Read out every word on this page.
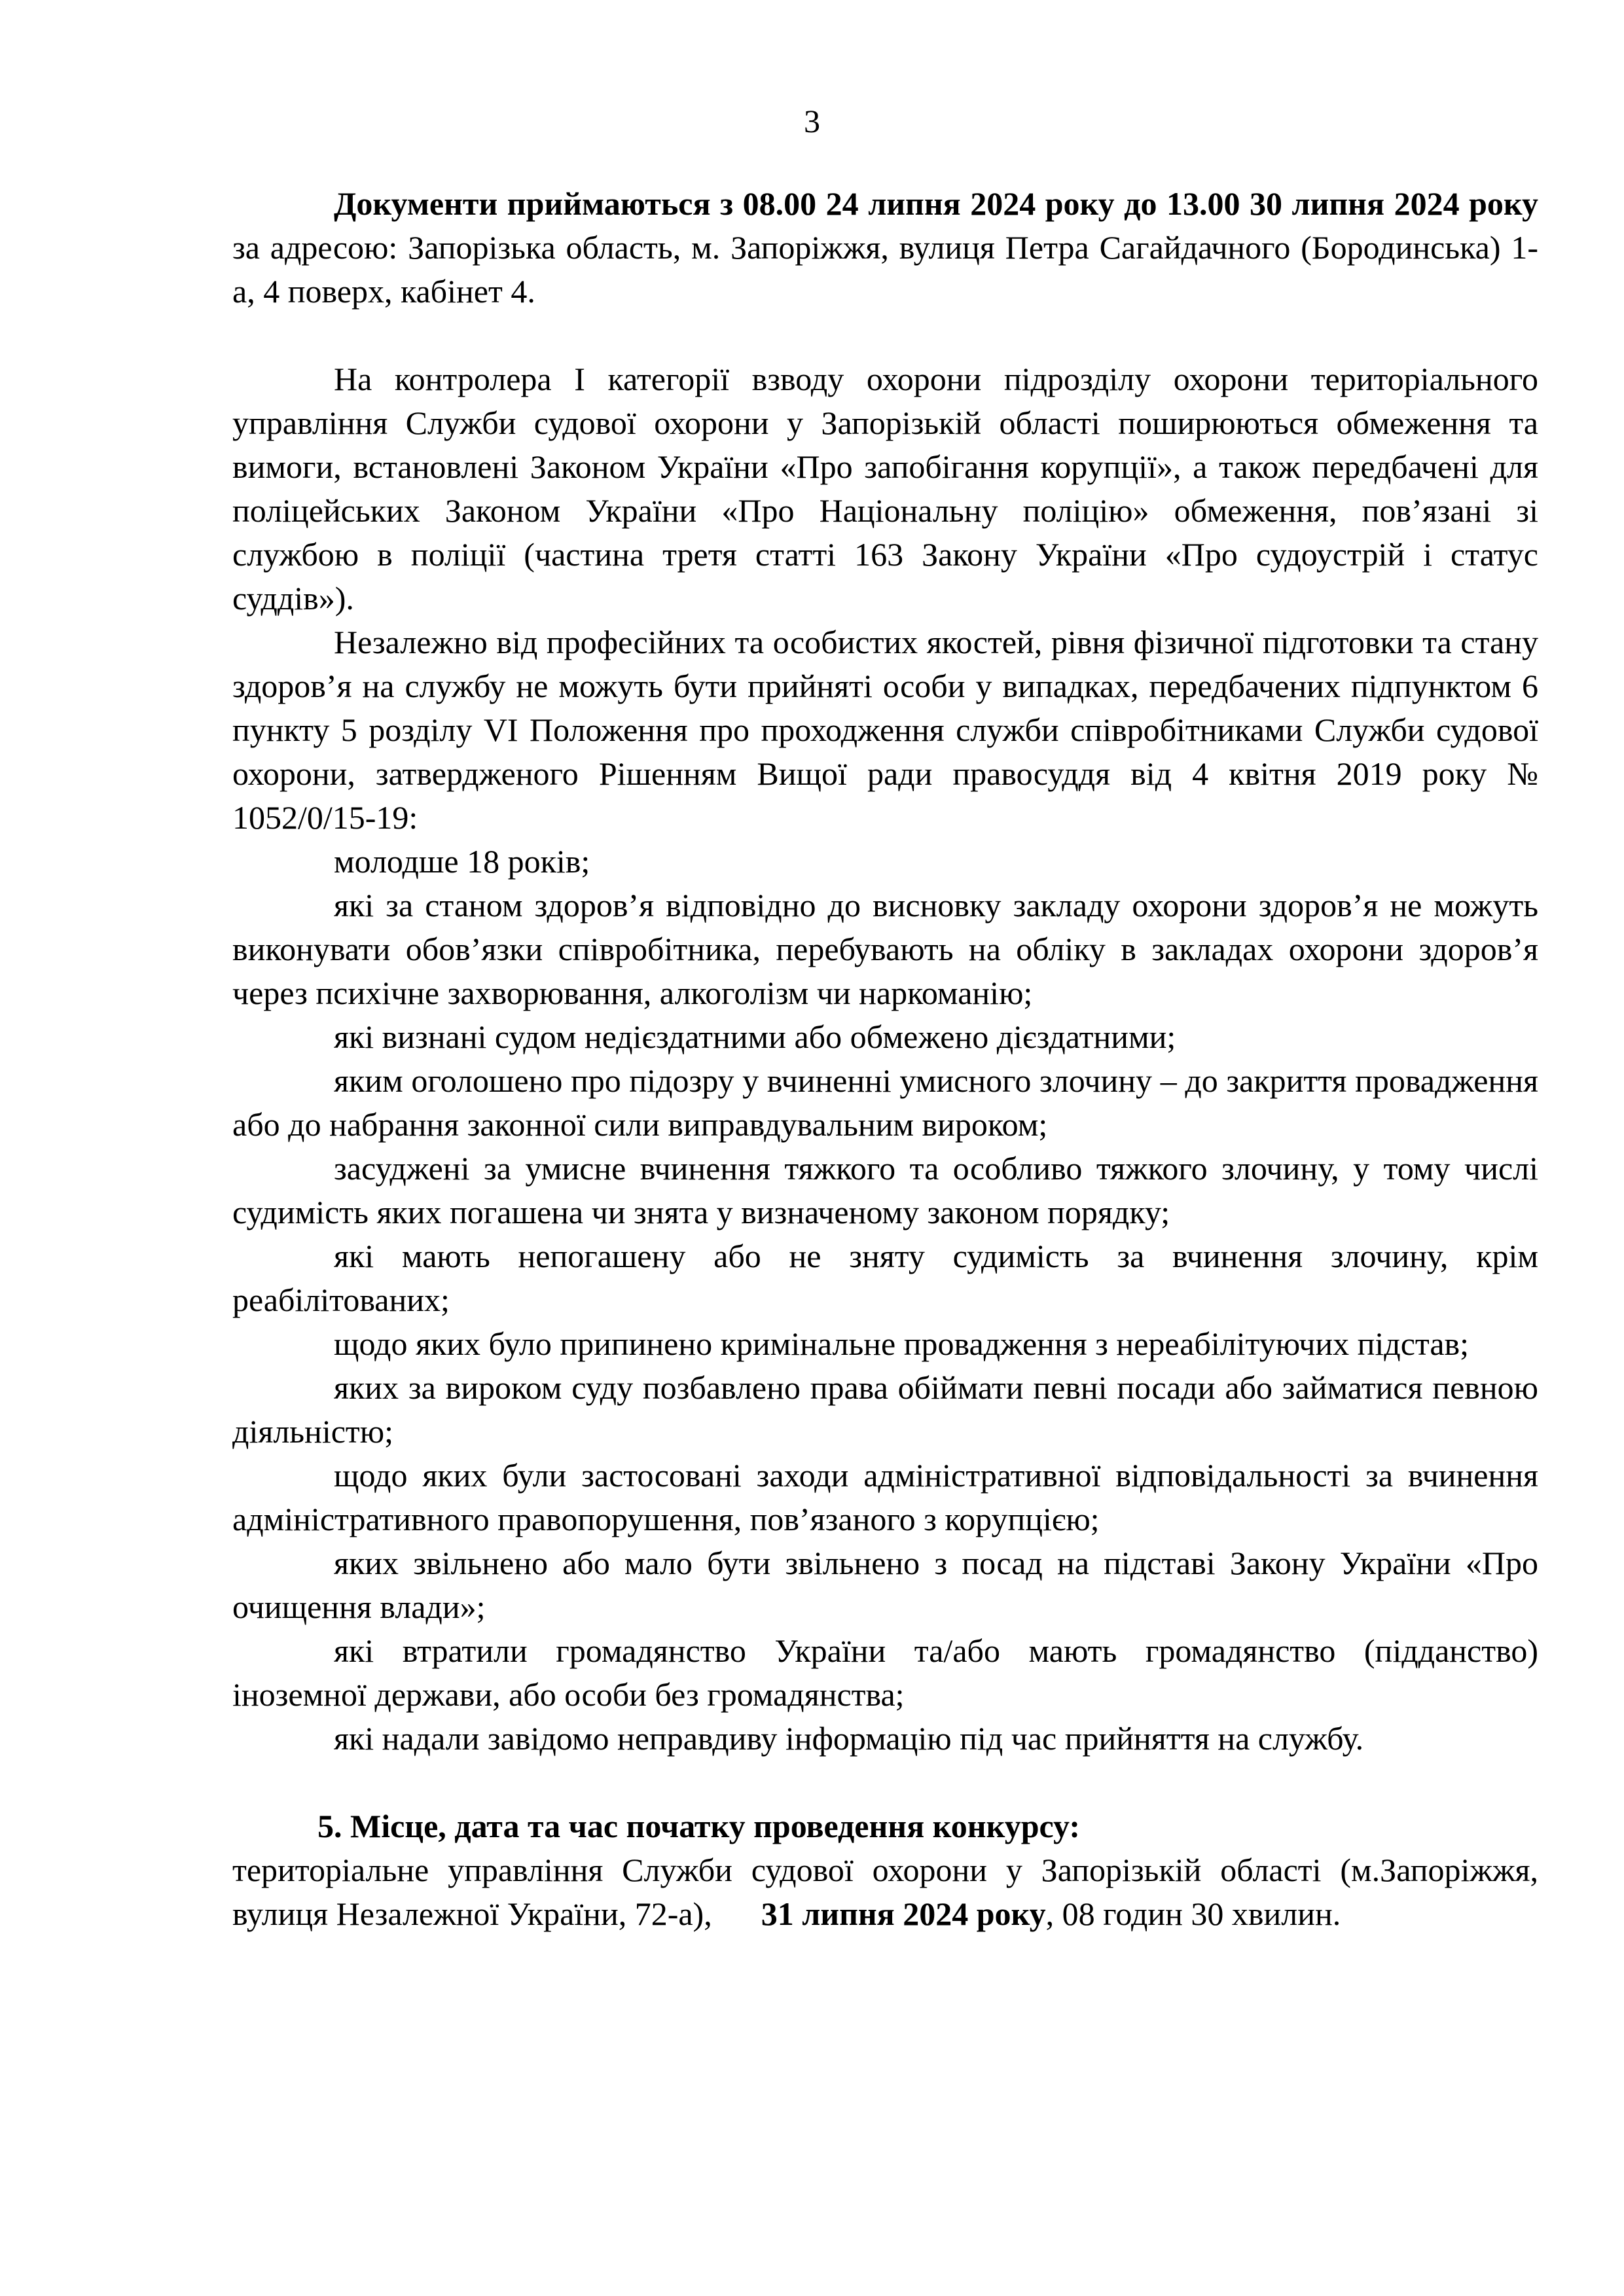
3

Документи приймаються з 08.00 24 липня 2024 року до 13.00 30 липня 2024 року за адресою: Запорізька область, м. Запоріжжя, вулиця Петра Сагайдачного (Бородинська) 1-а, 4 поверх, кабінет 4.

На контролера І категорії взводу охорони підрозділу охорони територіального управління Служби судової охорони у Запорізькій області поширюються обмеження та вимоги, встановлені Законом України «Про запобігання корупції», а також передбачені для поліцейських Законом України «Про Національну поліцію» обмеження, пов’язані зі службою в поліції (частина третя статті 163 Закону України «Про судоустрій і статус суддів»).

Незалежно від професійних та особистих якостей, рівня фізичної підготовки та стану здоров’я на службу не можуть бути прийняті особи у випадках, передбачених підпунктом 6 пункту 5 розділу VI Положення про проходження служби співробітниками Служби судової охорони, затвердженого Рішенням Вищої ради правосуддя від 4 квітня 2019 року № 1052/0/15-19:

молодше 18 років;

які за станом здоров’я відповідно до висновку закладу охорони здоров’я не можуть виконувати обов’язки співробітника, перебувають на обліку в закладах охорони здоров’я через психічне захворювання, алкоголізм чи наркоманію;

які визнані судом недієздатними або обмежено дієздатними;

яким оголошено про підозру у вчиненні умисного злочину – до закриття провадження або до набрання законної сили виправдувальним вироком;

засуджені за умисне вчинення тяжкого та особливо тяжкого злочину, у тому числі судимість яких погашена чи знята у визначеному законом порядку;

які мають непогашену або не зняту судимість за вчинення злочину, крім реабілітованих;

щодо яких було припинено кримінальне провадження з нереабілітуючих підстав;

яких за вироком суду позбавлено права обіймати певні посади або займатися певною діяльністю;

щодо яких були застосовані заходи адміністративної відповідальності за вчинення адміністративного правопорушення, пов’язаного з корупцією;

яких звільнено або мало бути звільнено з посад на підставі Закону України «Про очищення влади»;

які втратили громадянство України та/або мають громадянство (підданство) іноземної держави, або особи без громадянства;

які надали завідомо неправдиву інформацію під час прийняття на службу.

5. Місце, дата та час початку проведення конкурсу:

територіальне управління Служби судової охорони у Запорізькій області (м.Запоріжжя, вулиця Незалежної України, 72-а), 31 липня 2024 року, 08 годин 30 хвилин.
